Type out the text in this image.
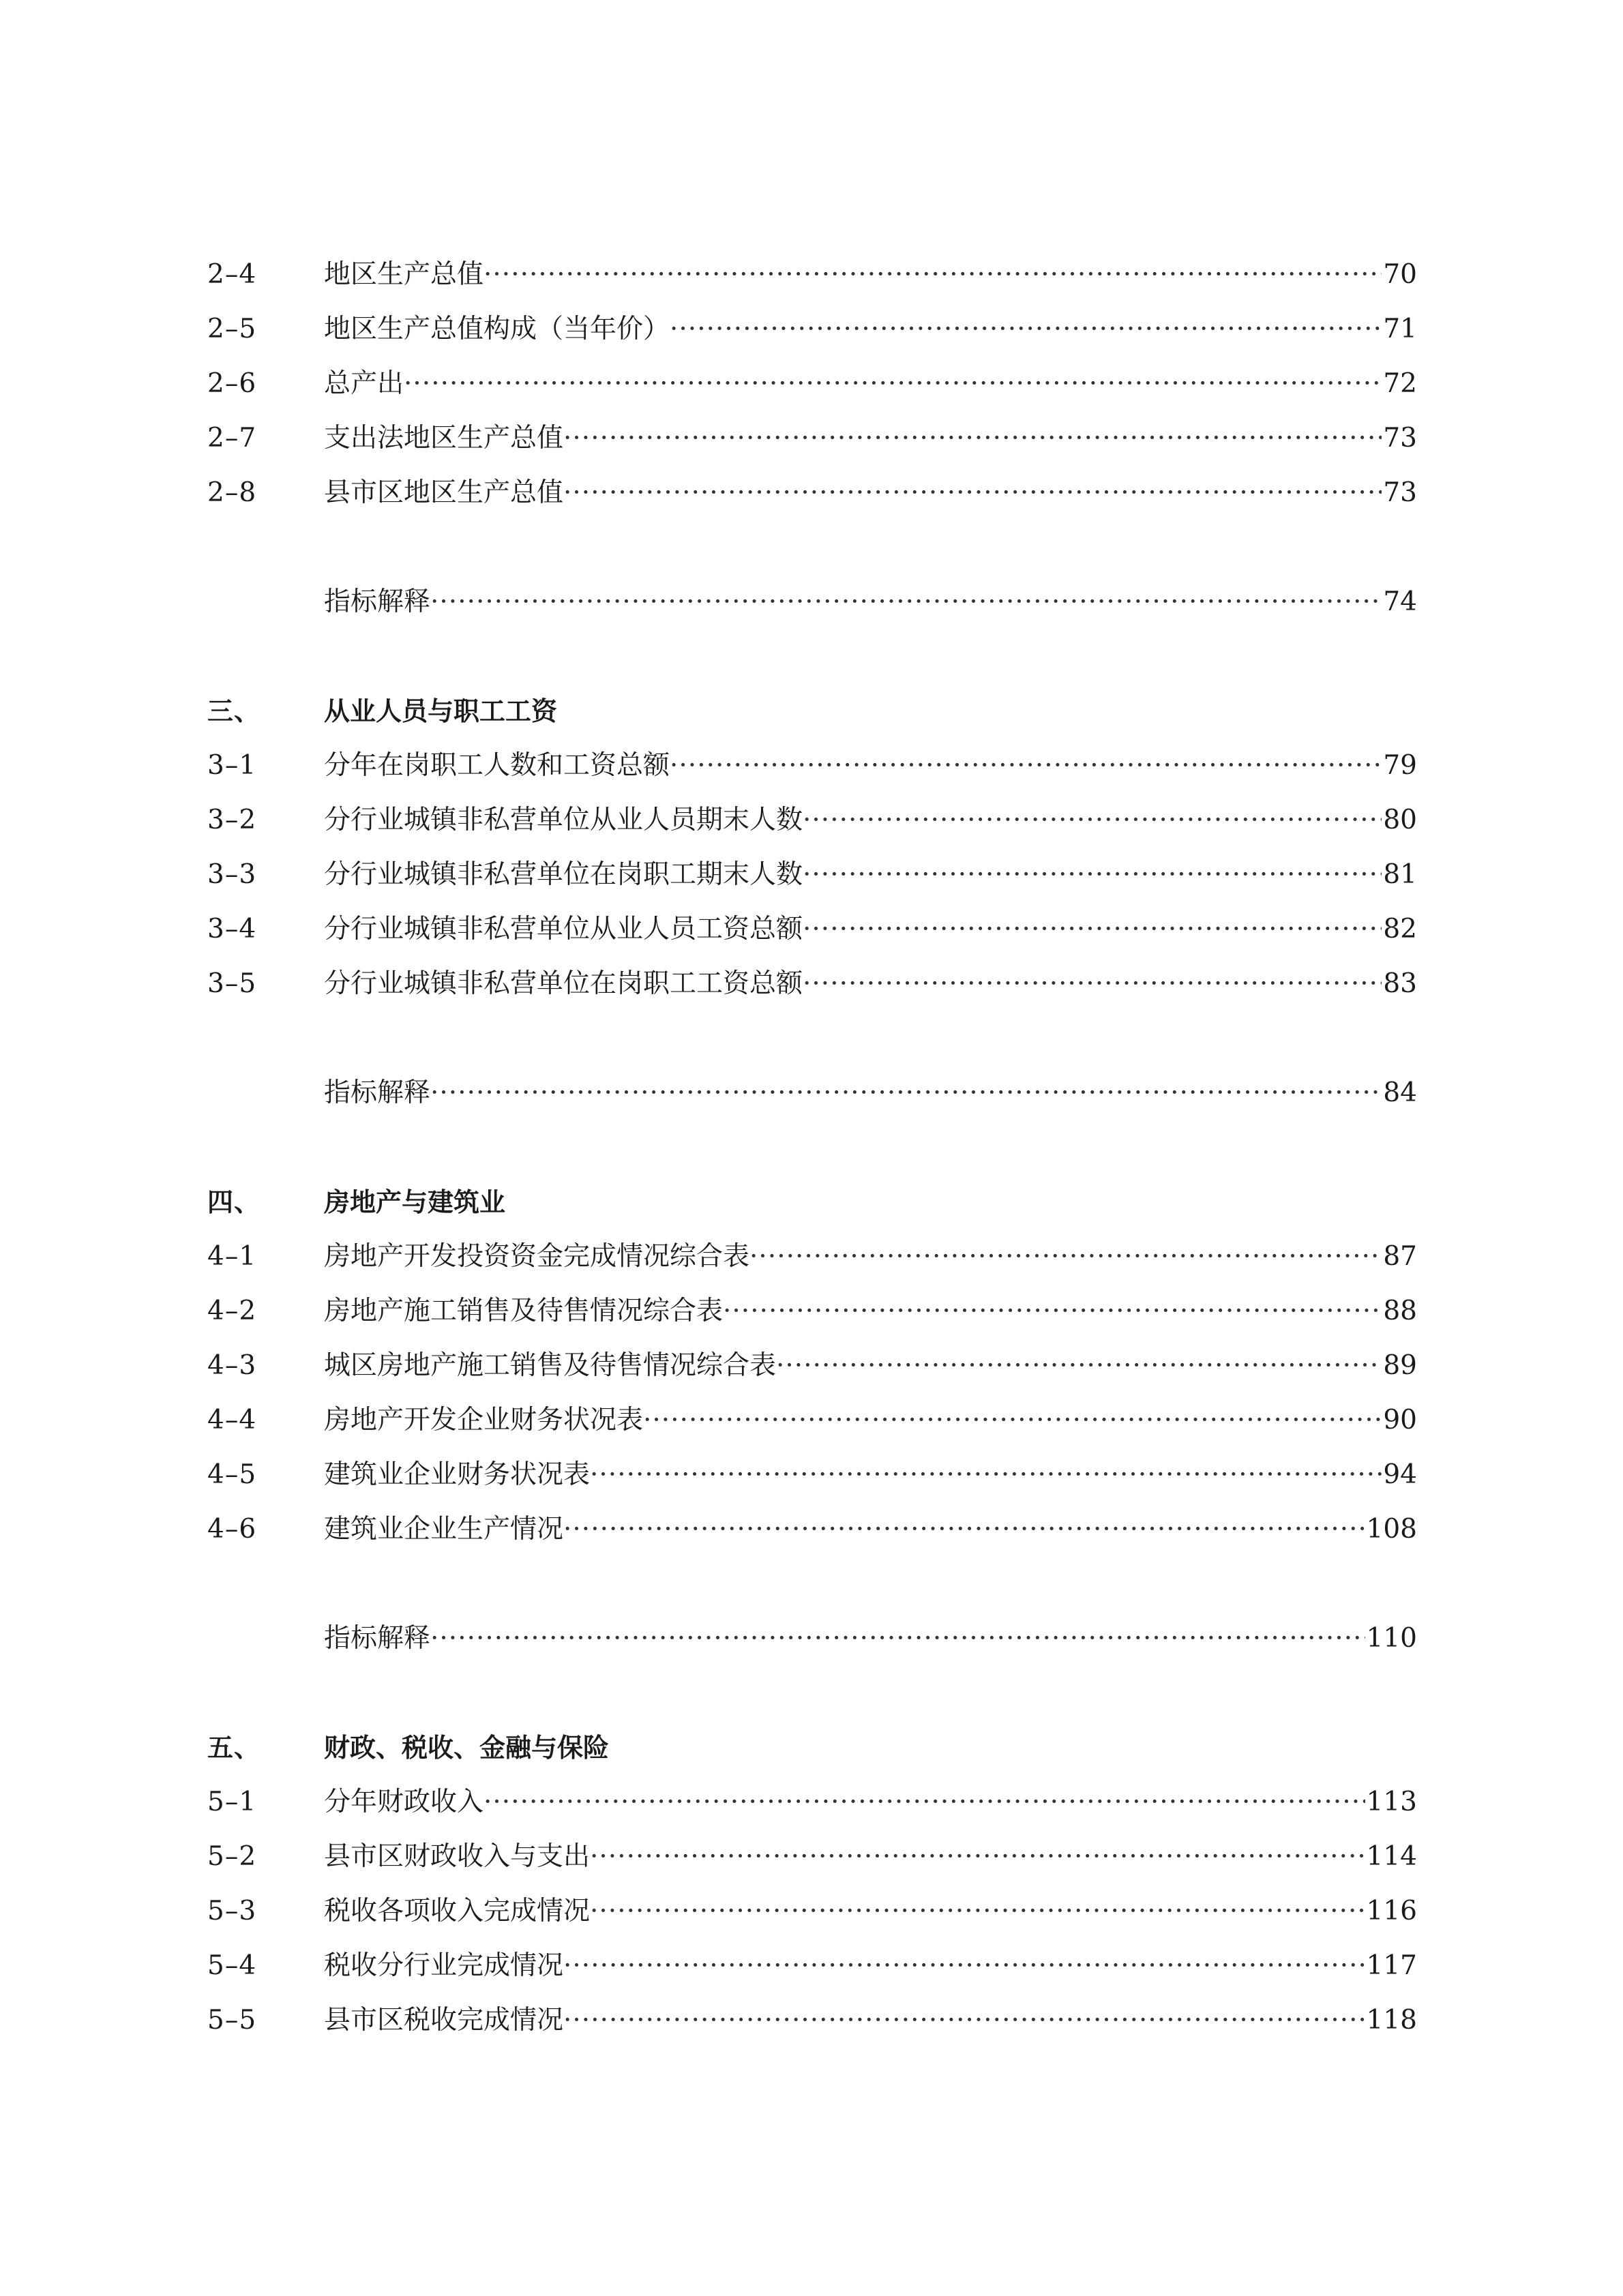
2–4	地区生产总值 ·····	70
2–5	地区生产总值构成（当年价） ·····	71
2–6	总产出 ·····	72
2–7	支出法地区生产总值 ·····	73
2–8	县市区地区生产总值 ·····	73
指标解释 ·····	74
三、 从业人员与职工工资
3–1	分年在岗职工人数和工资总额 ·····	79
3–2	分行业城镇非私营单位从业人员期末人数 ·····	80
3–3	分行业城镇非私营单位在岗职工期末人数 ·····	81
3–4	分行业城镇非私营单位从业人员工资总额 ·····	82
3–5	分行业城镇非私营单位在岗职工工资总额 ·····	83
指标解释 ·····	84
四、 房地产与建筑业
4–1	房地产开发投资资金完成情况综合表 ·····	87
4–2	房地产施工销售及待售情况综合表 ·····	88
4–3	城区房地产施工销售及待售情况综合表 ·····	89
4–4	房地产开发企业财务状况表 ·····	90
4–5	建筑业企业财务状况表 ·····	94
4–6	建筑业企业生产情况 ·····	108
指标解释 ·····	110
五、 财政、税收、金融与保险
5–1	分年财政收入 ·····	113
5–2	县市区财政收入与支出 ·····	114
5–3	税收各项收入完成情况 ·····	116
5–4	税收分行业完成情况 ·····	117
5–5	县市区税收完成情况 ·····	118
